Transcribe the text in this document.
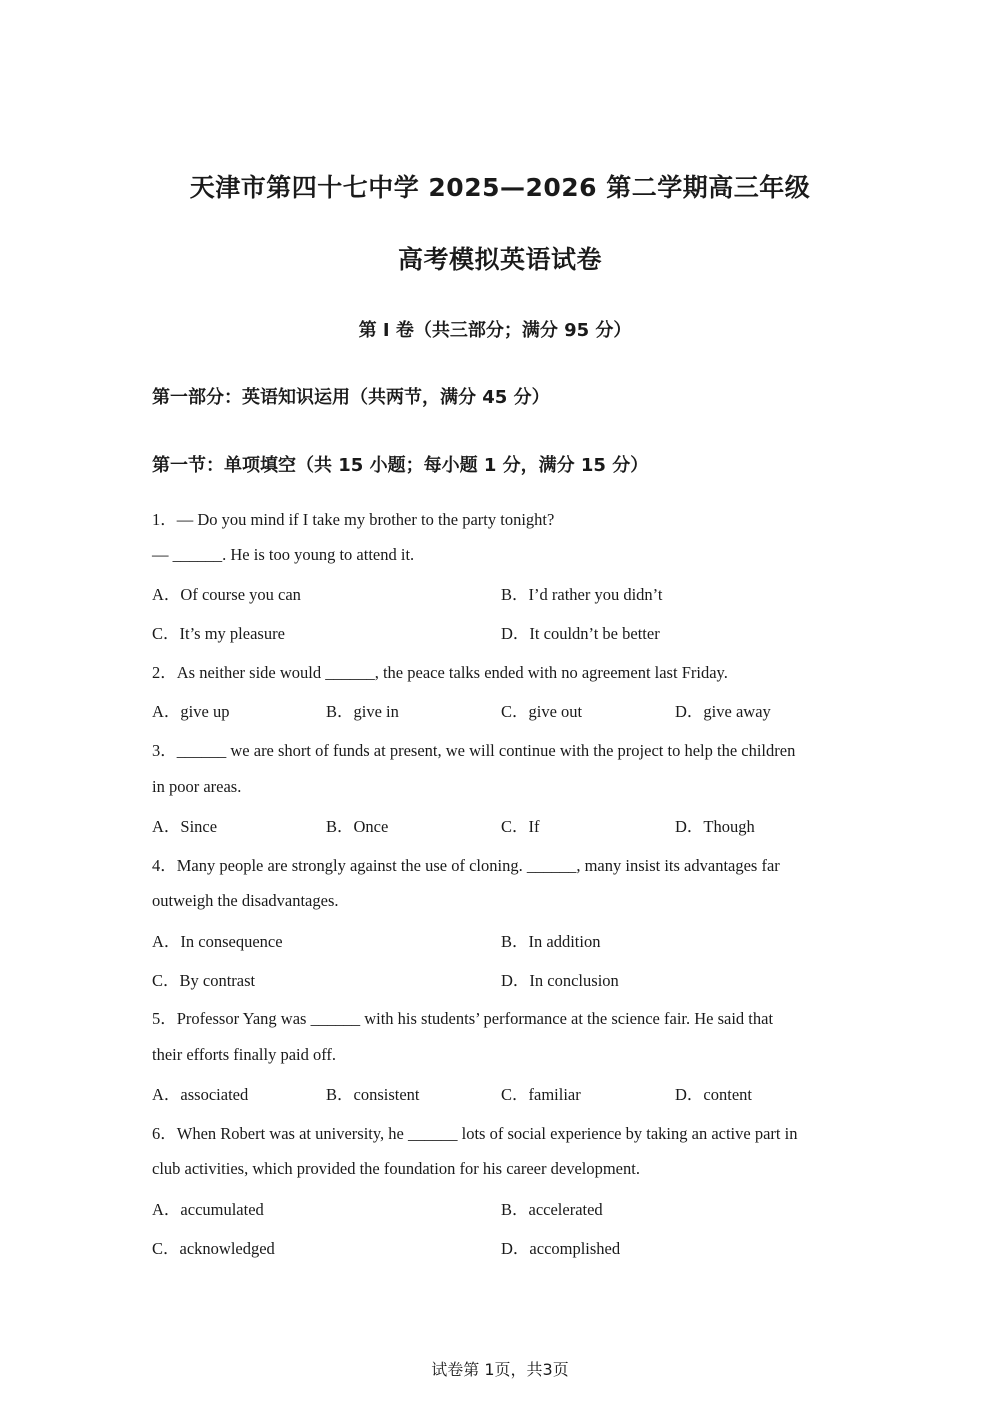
天津市第四十七中学 2025—2026 第二学期高三年级
高考模拟英语试卷
第 I 卷（共三部分；满分 95 分）
第一部分：英语知识运用（共两节，满分 45 分）
第一节：单项填空（共 15 小题；每小题 1 分，满分 15 分）
1．— Do you mind if I take my brother to the party tonight?
— ______. He is too young to attend it.
A．Of course you can	B．I’d rather you didn’t
C．It’s my pleasure	D．It couldn’t be better
2．As neither side would ______, the peace talks ended with no agreement last Friday.
A．give up	B．give in	C．give out	D．give away
3．______ we are short of funds at present, we will continue with the project to help the children
in poor areas.
A．Since	B．Once	C．If	D．Though
4．Many people are strongly against the use of cloning. ______, many insist its advantages far
outweigh the disadvantages.
A．In consequence	B．In addition
C．By contrast	D．In conclusion
5．Professor Yang was ______ with his students’ performance at the science fair. He said that
their efforts finally paid off.
A．associated	B．consistent	C．familiar	D．content
6．When Robert was at university, he ______ lots of social experience by taking an active part in
club activities, which provided the foundation for his career development.
A．accumulated	B．accelerated
C．acknowledged	D．accomplished
试卷第 1页，共3页
